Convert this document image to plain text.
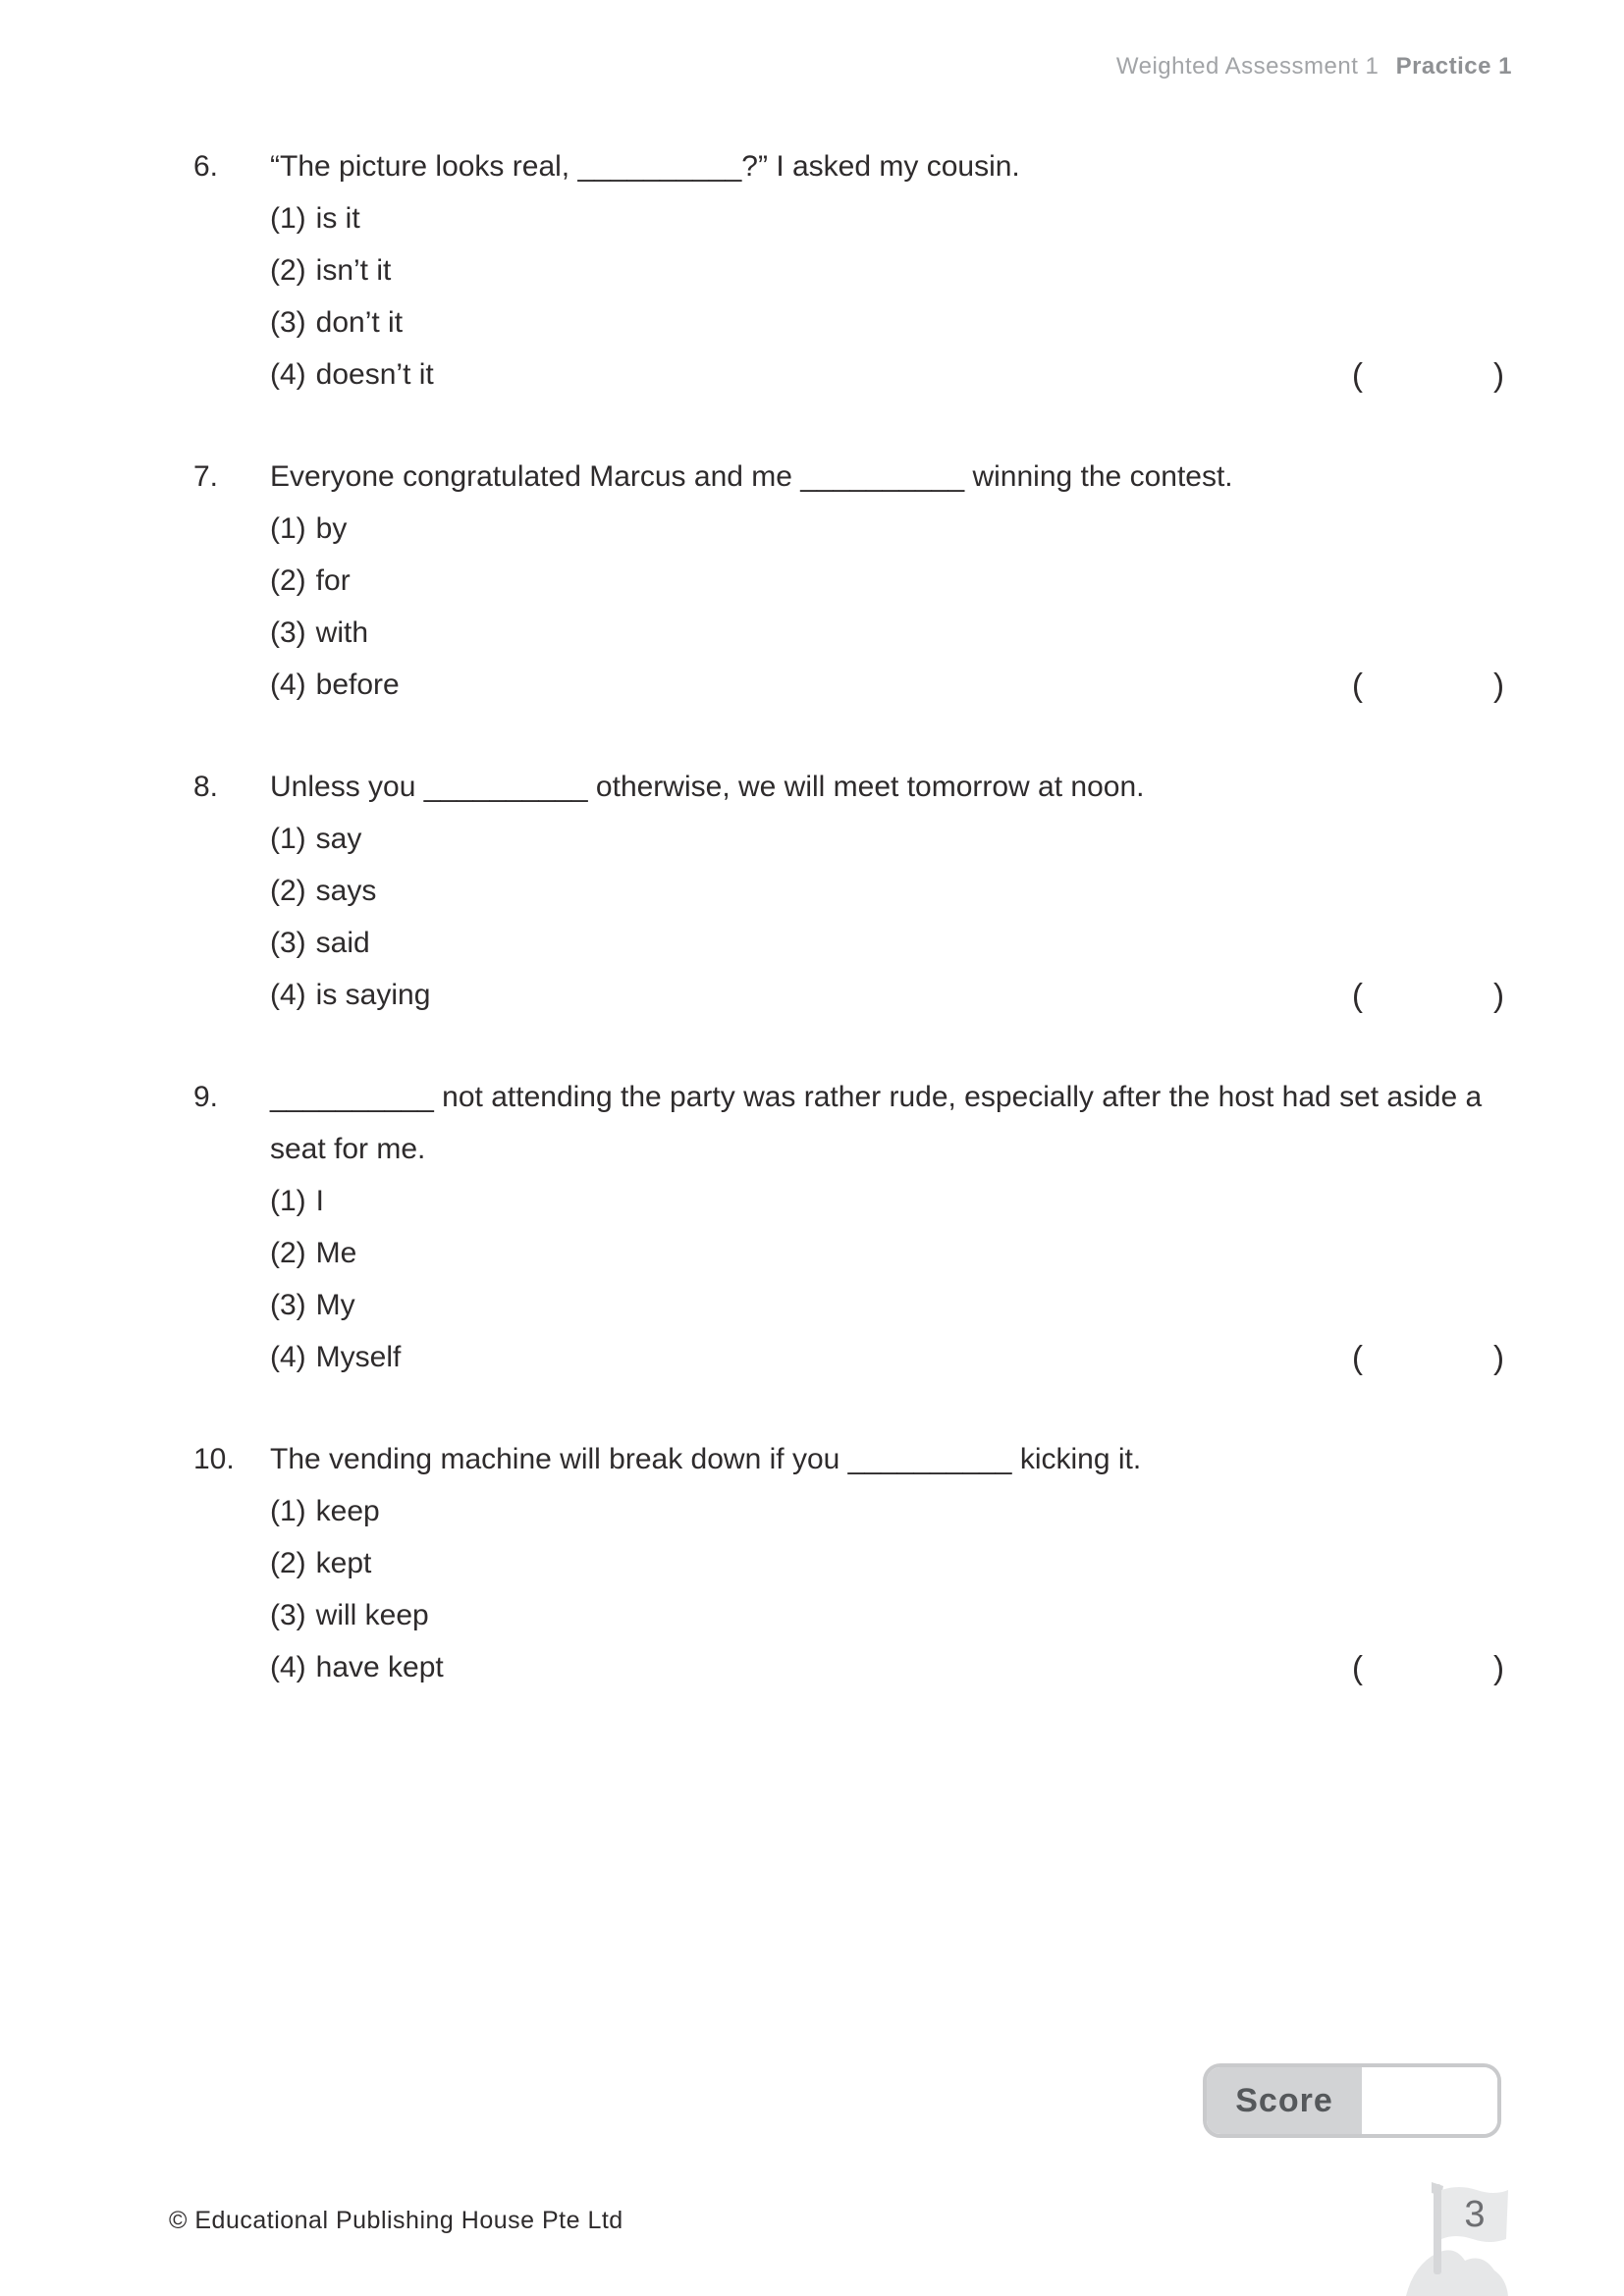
Weighted Assessment 1 Practice 1
6.	“The picture looks real, __________?” I asked my cousin.
(1) is it
(2) isn’t it
(3) don’t it
(4) doesn’t it	(	)
7.	Everyone congratulated Marcus and me __________ winning the contest.
(1) by
(2) for
(3) with
(4) before	(	)
8.	Unless you __________ otherwise, we will meet tomorrow at noon.
(1) say
(2) says
(3) said
(4) is saying	(	)
9.	__________ not attending the party was rather rude, especially after the host had set aside a seat for me.
(1) I
(2) Me
(3) My
(4) Myself	(	)
10.	The vending machine will break down if you __________ kicking it.
(1) keep
(2) kept
(3) will keep
(4) have kept	(	)
Score
© Educational Publishing House Pte Ltd	3
